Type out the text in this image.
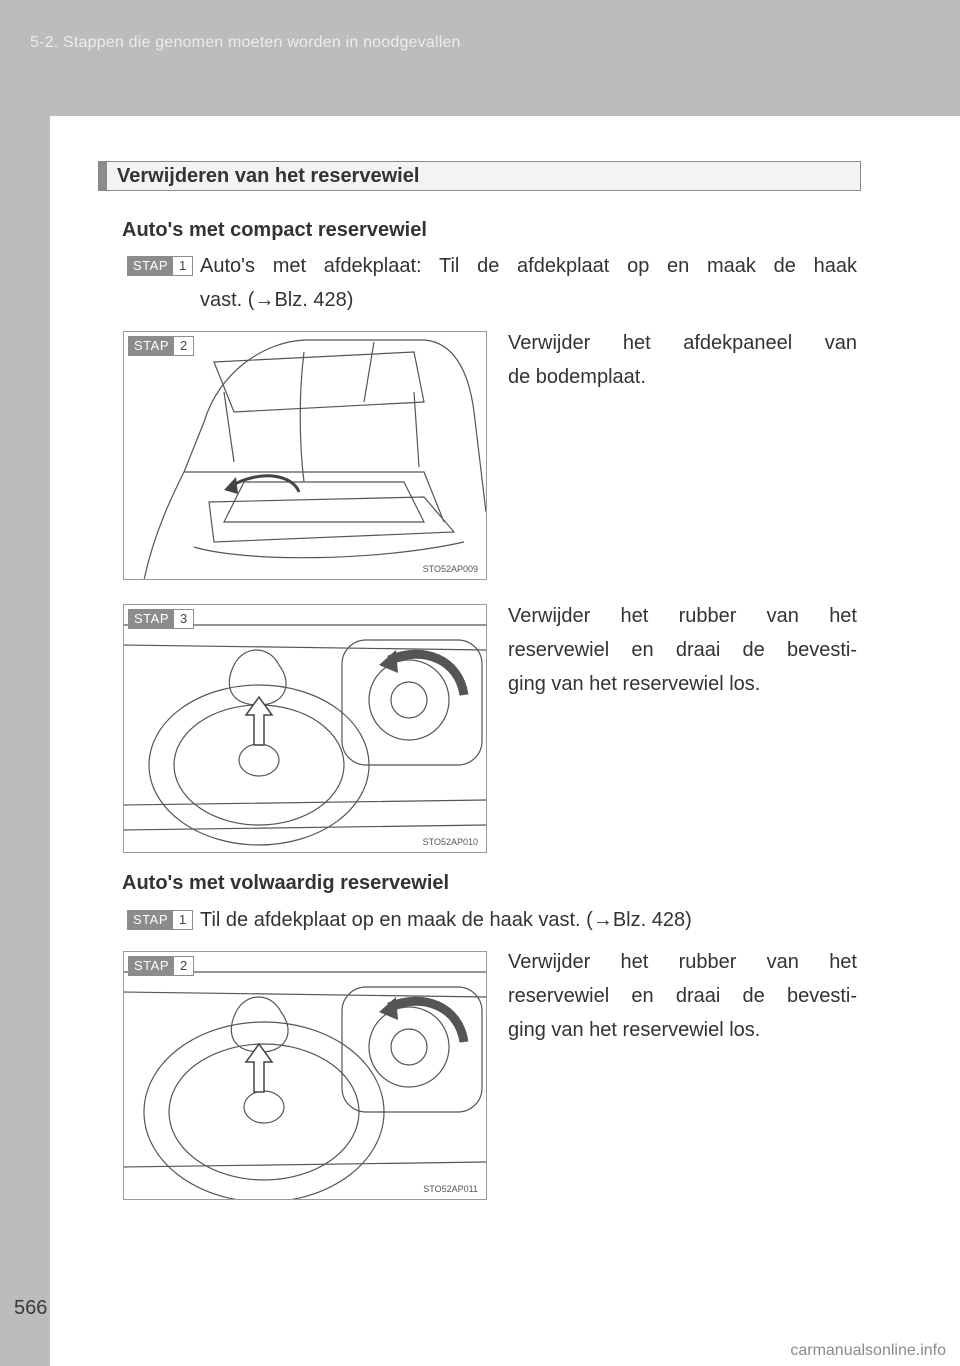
5-2. Stappen die genomen moeten worden in noodgevallen
566
Verwijderen van het reservewiel
Auto's met compact reservewiel
STAP 1 Auto's met afdekplaat: Til de afdekplaat op en maak de haak
vast. (→Blz. 428)
STAP 2
STO52AP009
Verwijder het afdekpaneel van
de bodemplaat.
STAP 3
STO52AP010
Verwijder het rubber van het
reservewiel en draai de bevesti-
ging van het reservewiel los.
Auto's met volwaardig reservewiel
STAP 1 Til de afdekplaat op en maak de haak vast. (→Blz. 428)
STAP 2
STO52AP011
Verwijder het rubber van het
reservewiel en draai de bevesti-
ging van het reservewiel los.
carmanualsonline.info
